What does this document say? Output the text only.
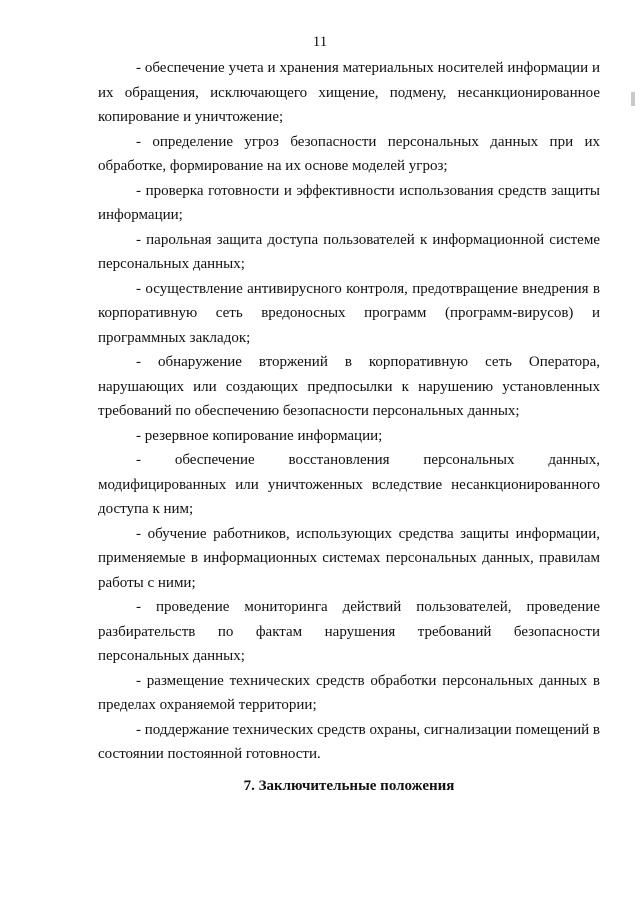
11

- обеспечение учета и хранения материальных носителей информации и их обращения, исключающего хищение, подмену, несанкционированное копирование и уничтожение;

- определение угроз безопасности персональных данных при их обработке, формирование на их основе моделей угроз;

- проверка готовности и эффективности использования средств защиты информации;

- парольная защита доступа пользователей к информационной системе персональных данных;

- осуществление антивирусного контроля, предотвращение внедрения в корпоративную сеть вредоносных программ (программ-вирусов) и программных закладок;

- обнаружение вторжений в корпоративную сеть Оператора, нарушающих или создающих предпосылки к нарушению установленных требований по обеспечению безопасности персональных данных;

- резервное копирование информации;

- обеспечение восстановления персональных данных, модифицированных или уничтоженных вследствие несанкционированного доступа к ним;

- обучение работников, использующих средства защиты информации, применяемые в информационных системах персональных данных, правилам работы с ними;

- проведение мониторинга действий пользователей, проведение разбирательств по фактам нарушения требований безопасности персональных данных;

- размещение технических средств обработки персональных данных в пределах охраняемой территории;

- поддержание технических средств охраны, сигнализации помещений в состоянии постоянной готовности.

7. Заключительные положения
